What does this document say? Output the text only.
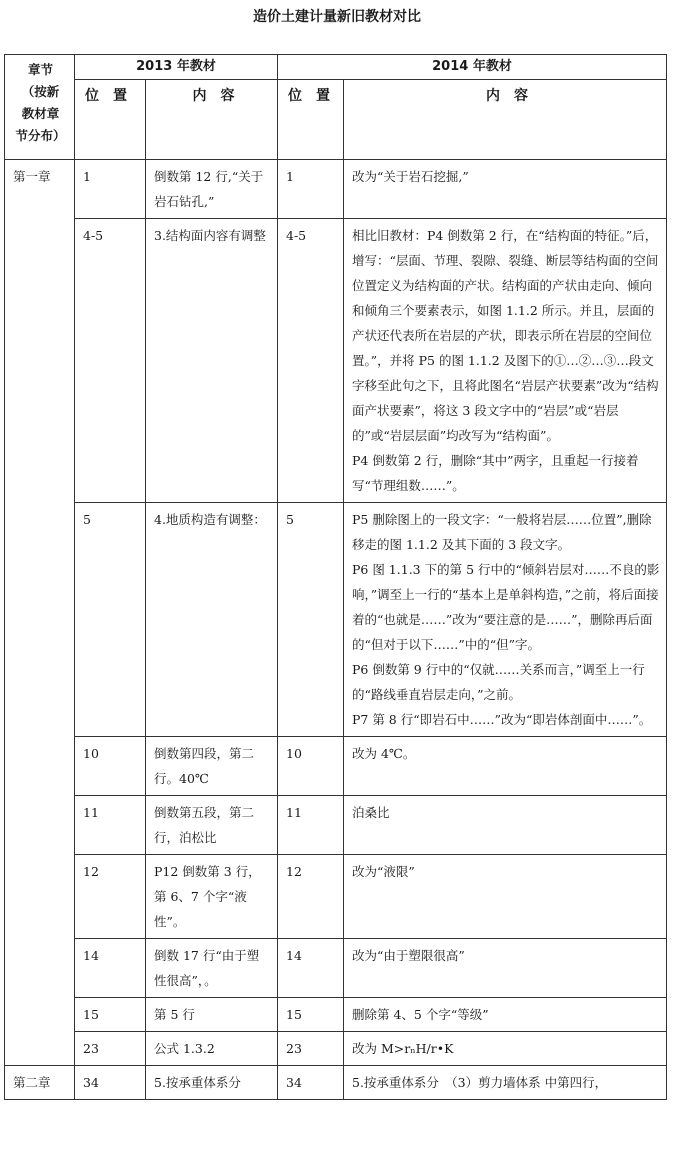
造价土建计量新旧教材对比
章节
（按新
教材章
节分布）	2013 年教材		2014 年教材	
	位　置	内　容	位　置	内　容
第一章	1	倒数第 12 行,“关于岩石钻孔,”	1	改为“关于岩石挖掘,”
	4-5	3.结构面内容有调整	4-5	相比旧教材：P4 倒数第 2 行，在“结构面的特征。”后，增写：“层面、节理、裂隙、裂缝、断层等结构面的空间位置定义为结构面的产状。结构面的产状由走向、倾向和倾角三个要素表示，如图 1.1.2 所示。并且，层面的产状还代表所在岩层的产状，即表示所在岩层的空间位置。”，并将 P5 的图 1.1.2 及图下的①…②…③…段文字移至此句之下，且将此图名“岩层产状要素”改为“结构面产状要素”，将这 3 段文字中的“岩层”或“岩层的”或“岩层层面”均改写为“结构面”。
P4 倒数第 2 行，删除“其中”两字，且重起一行接着写“节理组数……”。
	5	4.地质构造有调整：	5	P5 删除图上的一段文字：“一般将岩层……位置”,删除移走的图 1.1.2 及其下面的 3 段文字。
P6 图 1.1.3 下的第 5 行中的“倾斜岩层对……不良的影响，”调至上一行的“基本上是单斜构造，”之前，将后面接着的“也就是……”改为“要注意的是……”，删除再后面的“但对于以下……”中的“但”字。
P6 倒数第 9 行中的“仅就……关系而言，”调至上一行的“路线垂直岩层走向，”之前。
P7 第 8 行“即岩石中……”改为“即岩体剖面中……”。
	10	倒数第四段，第二行。40℃	10	改为 4℃。
	11	倒数第五段，第二行，泊松比	11	泊桑比
	12	P12 倒数第 3 行，第 6、7 个字“液性”。	12	改为“液限”
	14	倒数 17 行“由于塑性很高”，。	14	改为“由于塑限很高”
	15	第 5 行	15	删除第 4、5 个字“等级”
	23	公式 1.3.2	23	改为 M>rₙH/r•K
第二章	34	5.按承重体系分	34	5.按承重体系分　（3）剪力墙体系 中第四行，
